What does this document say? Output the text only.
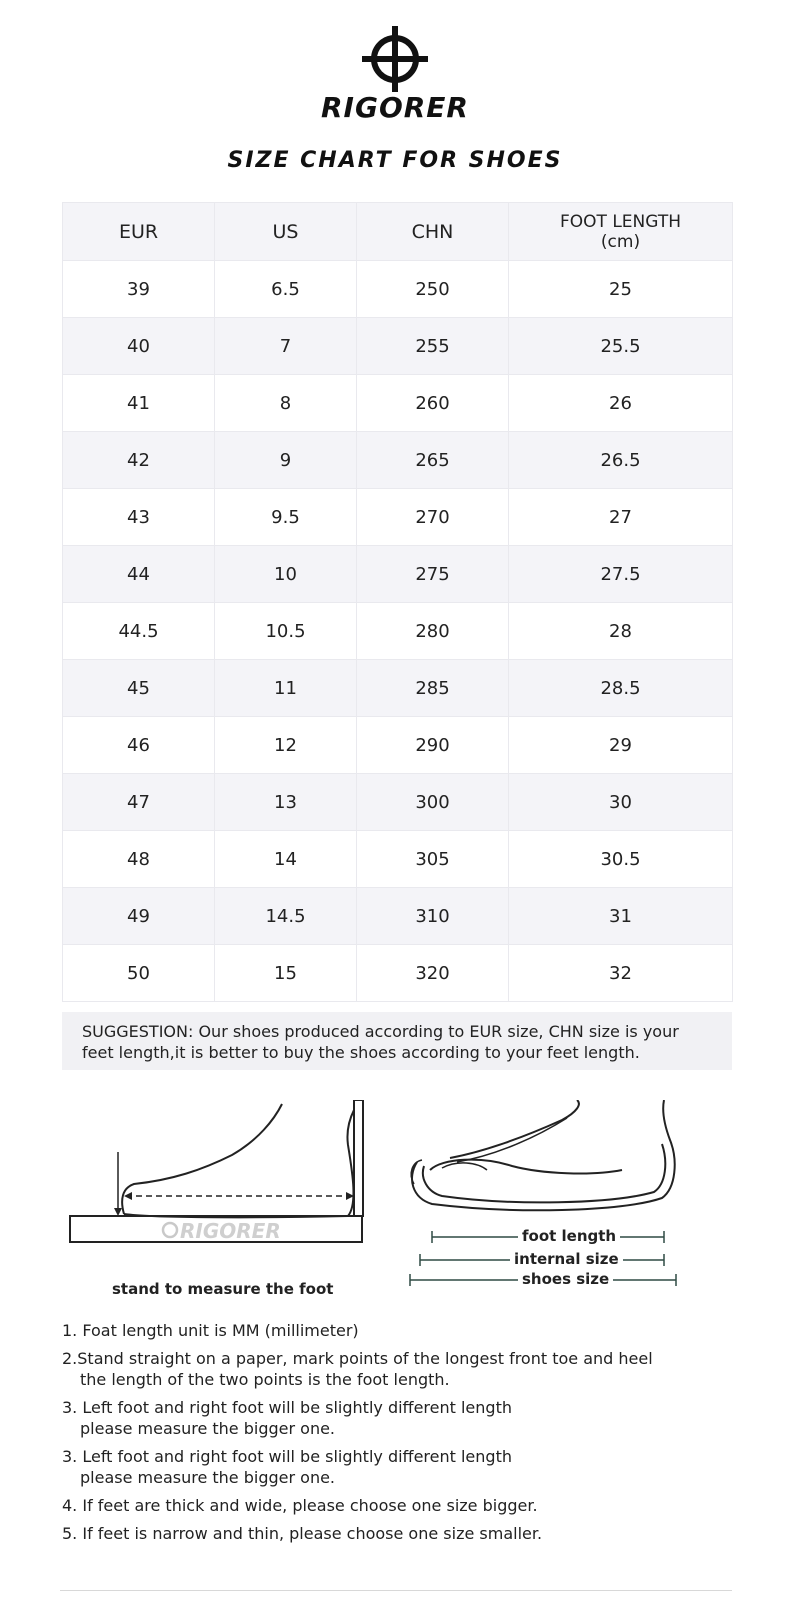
RIGORER
SIZE CHART FOR SHOES
EUR	US	CHN	FOOT LENGTH
(cm)

39	6.5	250	25
40	7	255	25.5
41	8	260	26
42	9	265	26.5
43	9.5	270	27
44	10	275	27.5
44.5	10.5	280	28
45	11	285	28.5
46	12	290	29
47	13	300	30
48	14	305	30.5
49	14.5	310	31
50	15	320	32
SUGGESTION: Our shoes produced according to EUR size, CHN size is your
feet length,it is better to buy the shoes according to your feet length.
RIGORER
stand to measure the foot
foot length
internal size
shoes size
1. Foat length unit is MM (millimeter)
2.Stand straight on a paper, mark points of the longest front toe and heel
the length of the two points is the foot length.
3. Left foot and right foot will be slightly different length
please measure the bigger one.
3. Left foot and right foot will be slightly different length
please measure the bigger one.
4. If feet are thick and wide, please choose one size bigger.
5. If feet is narrow and thin, please choose one size smaller.
